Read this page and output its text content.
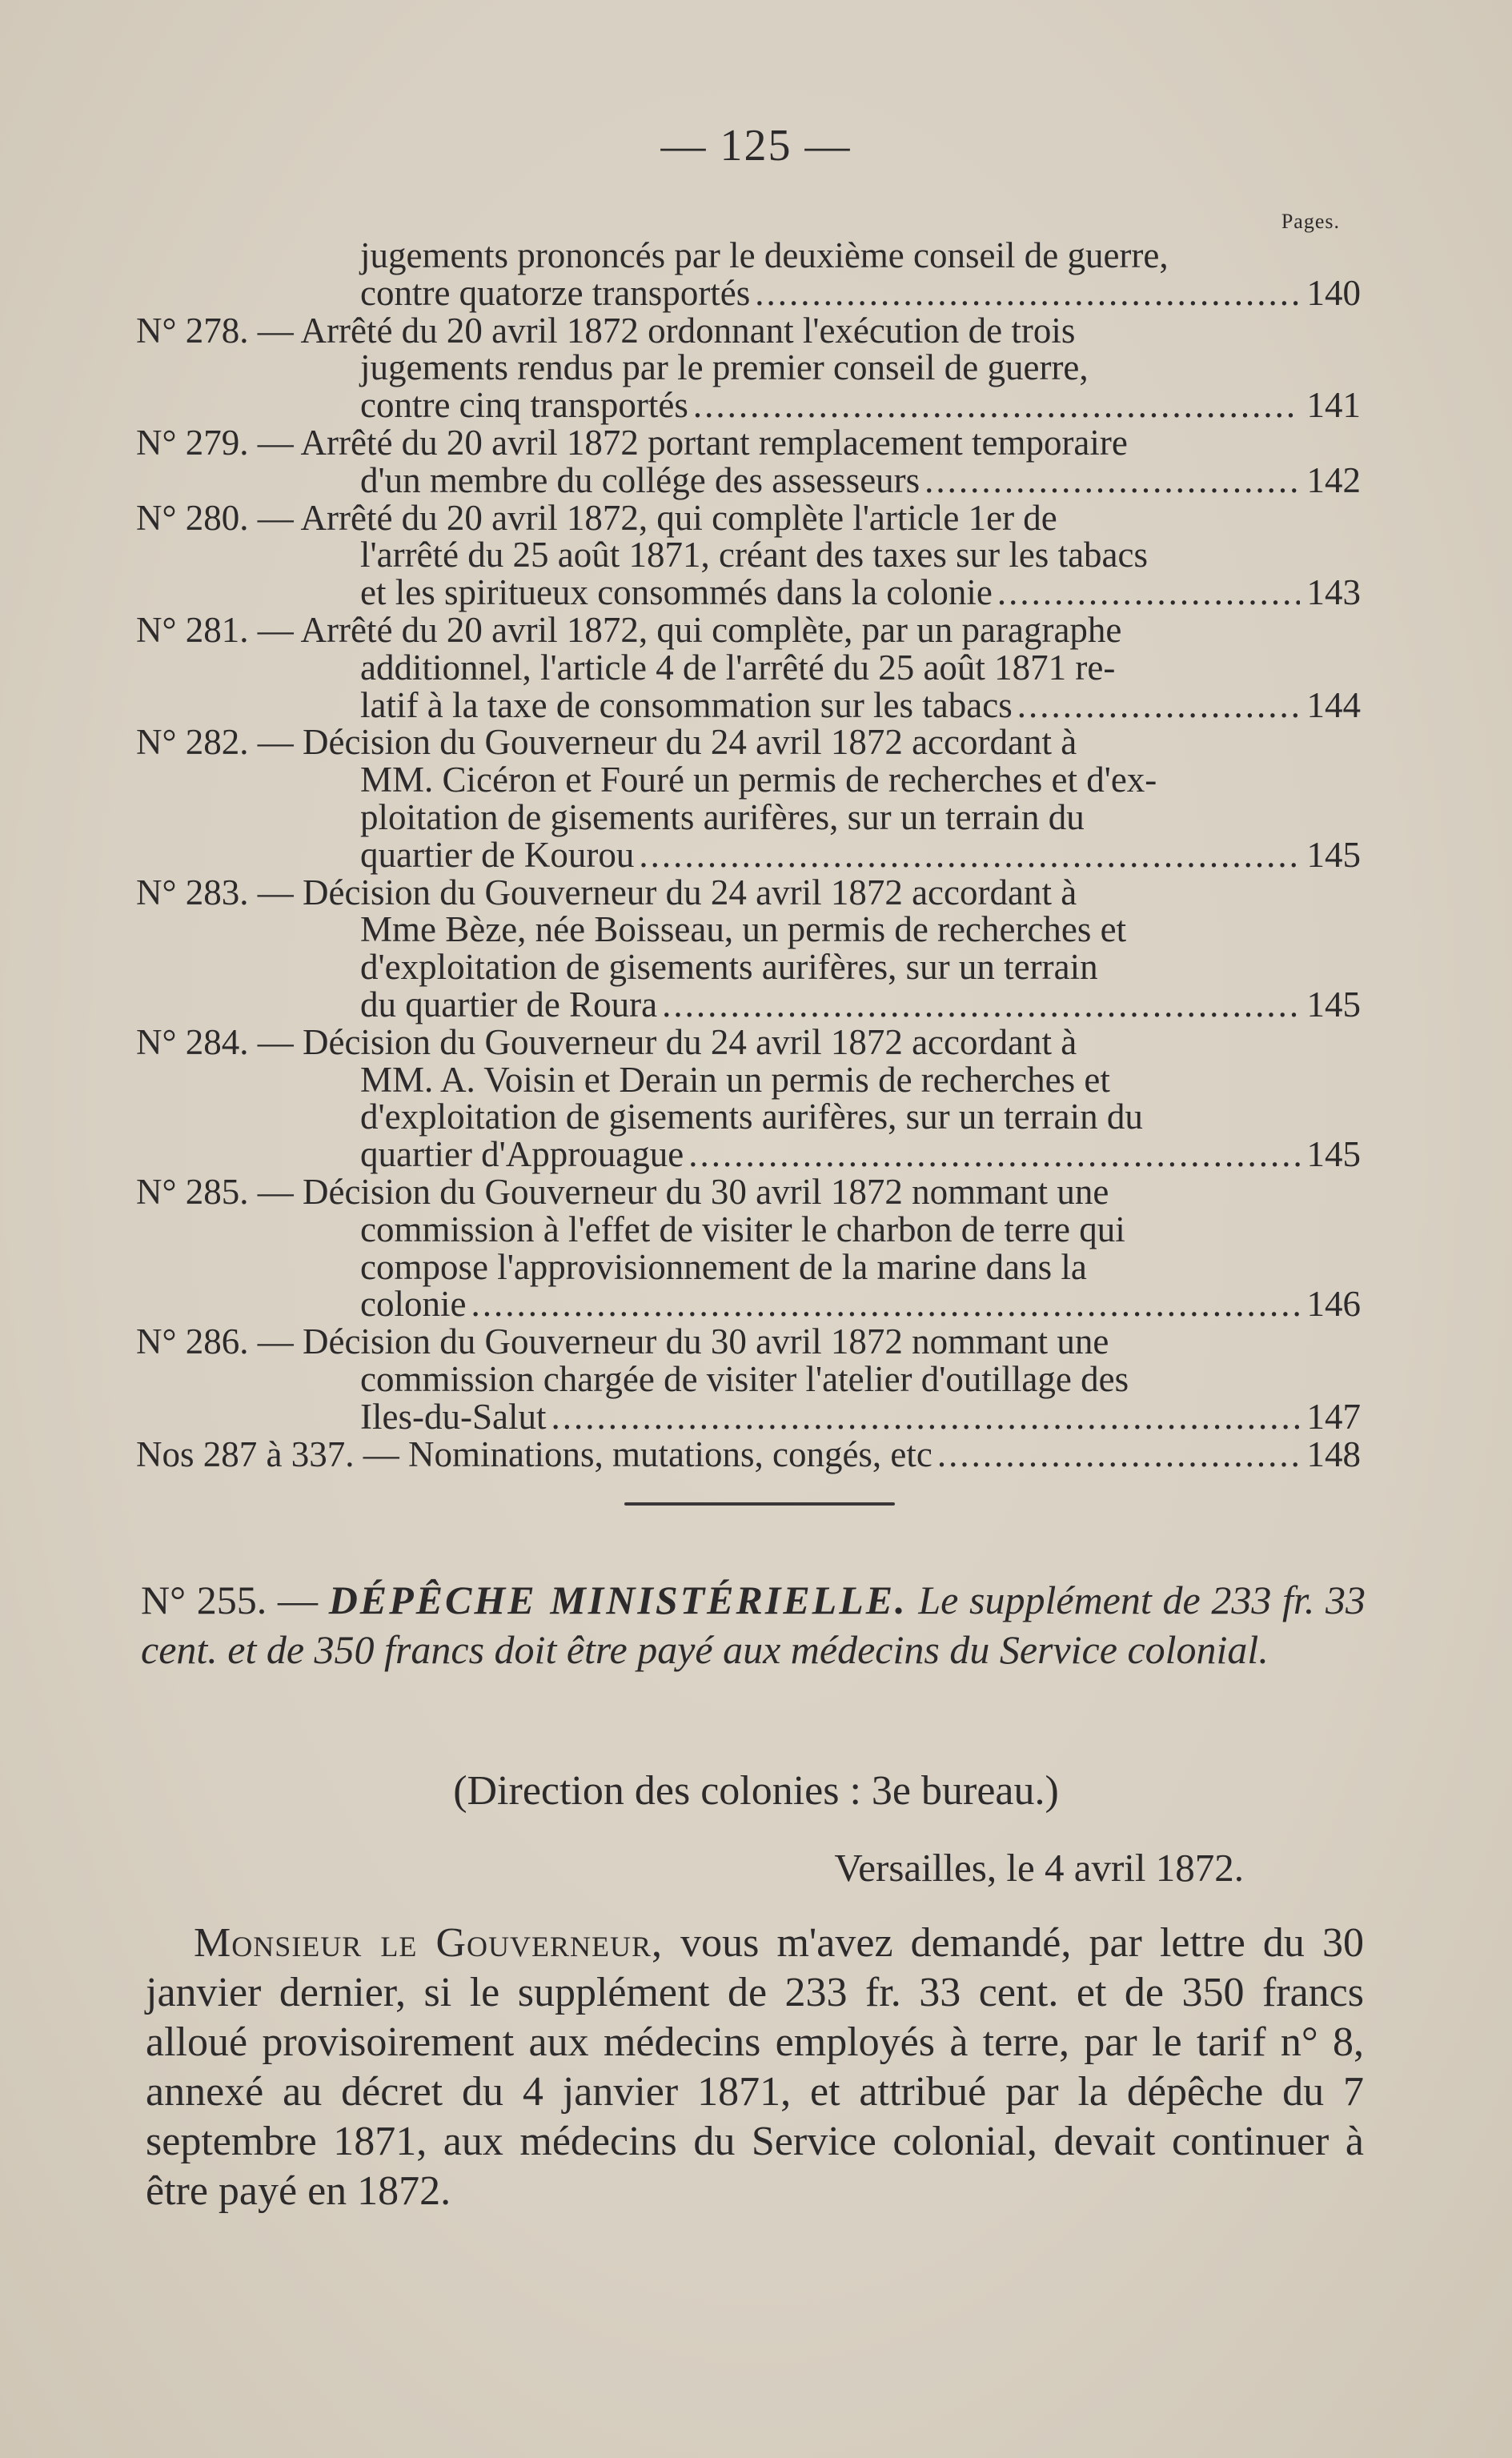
— 125 —
Pages.
jugements prononcés par le deuxième conseil de guerre,
contre quatorze transportés .....	140
N° 278. — Arrêté du 20 avril 1872 ordonnant l'exécution de trois
jugements rendus par le premier conseil de guerre,
contre cinq transportés .....	141
N° 279. — Arrêté du 20 avril 1872 portant remplacement temporaire
d'un membre du collége des assesseurs .....	142
N° 280. — Arrêté du 20 avril 1872, qui complète l'article 1er de
l'arrêté du 25 août 1871, créant des taxes sur les tabacs
et les spiritueux consommés dans la colonie .....	143
N° 281. — Arrêté du 20 avril 1872, qui complète, par un paragraphe
additionnel, l'article 4 de l'arrêté du 25 août 1871 re-
latif à la taxe de consommation sur les tabacs .....	144
N° 282. — Décision du Gouverneur du 24 avril 1872 accordant à
MM. Cicéron et Fouré un permis de recherches et d'ex-
ploitation de gisements aurifères, sur un terrain du
quartier de Kourou .....	145
N° 283. — Décision du Gouverneur du 24 avril 1872 accordant à
Mme Bèze, née Boisseau, un permis de recherches et
d'exploitation de gisements aurifères, sur un terrain
du quartier de Roura .....	145
N° 284. — Décision du Gouverneur du 24 avril 1872 accordant à
MM. A. Voisin et Derain un permis de recherches et
d'exploitation de gisements aurifères, sur un terrain du
quartier d'Approuague .....	145
N° 285. — Décision du Gouverneur du 30 avril 1872 nommant une
commission à l'effet de visiter le charbon de terre qui
compose l'approvisionnement de la marine dans la
colonie .....	146
N° 286. — Décision du Gouverneur du 30 avril 1872 nommant une
commission chargée de visiter l'atelier d'outillage des
Iles-du-Salut .....	147
Nos 287 à 337. — Nominations, mutations, congés, etc .....	148
N° 255. — DÉPÊCHE MINISTÉRIELLE. Le supplément de 233 fr. 33 cent. et de 350 francs doit être payé aux médecins du Service colonial.
(Direction des colonies : 3e bureau.)
Versailles, le 4 avril 1872.

Monsieur le Gouverneur, vous m'avez demandé, par lettre du 30 janvier dernier, si le supplément de 233 fr. 33 cent. et de 350 francs alloué provisoirement aux médecins employés à terre, par le tarif n° 8, annexé au décret du 4 janvier 1871, et attribué par la dépêche du 7 septembre 1871, aux médecins du Service colonial, devait continuer à être payé en 1872.
